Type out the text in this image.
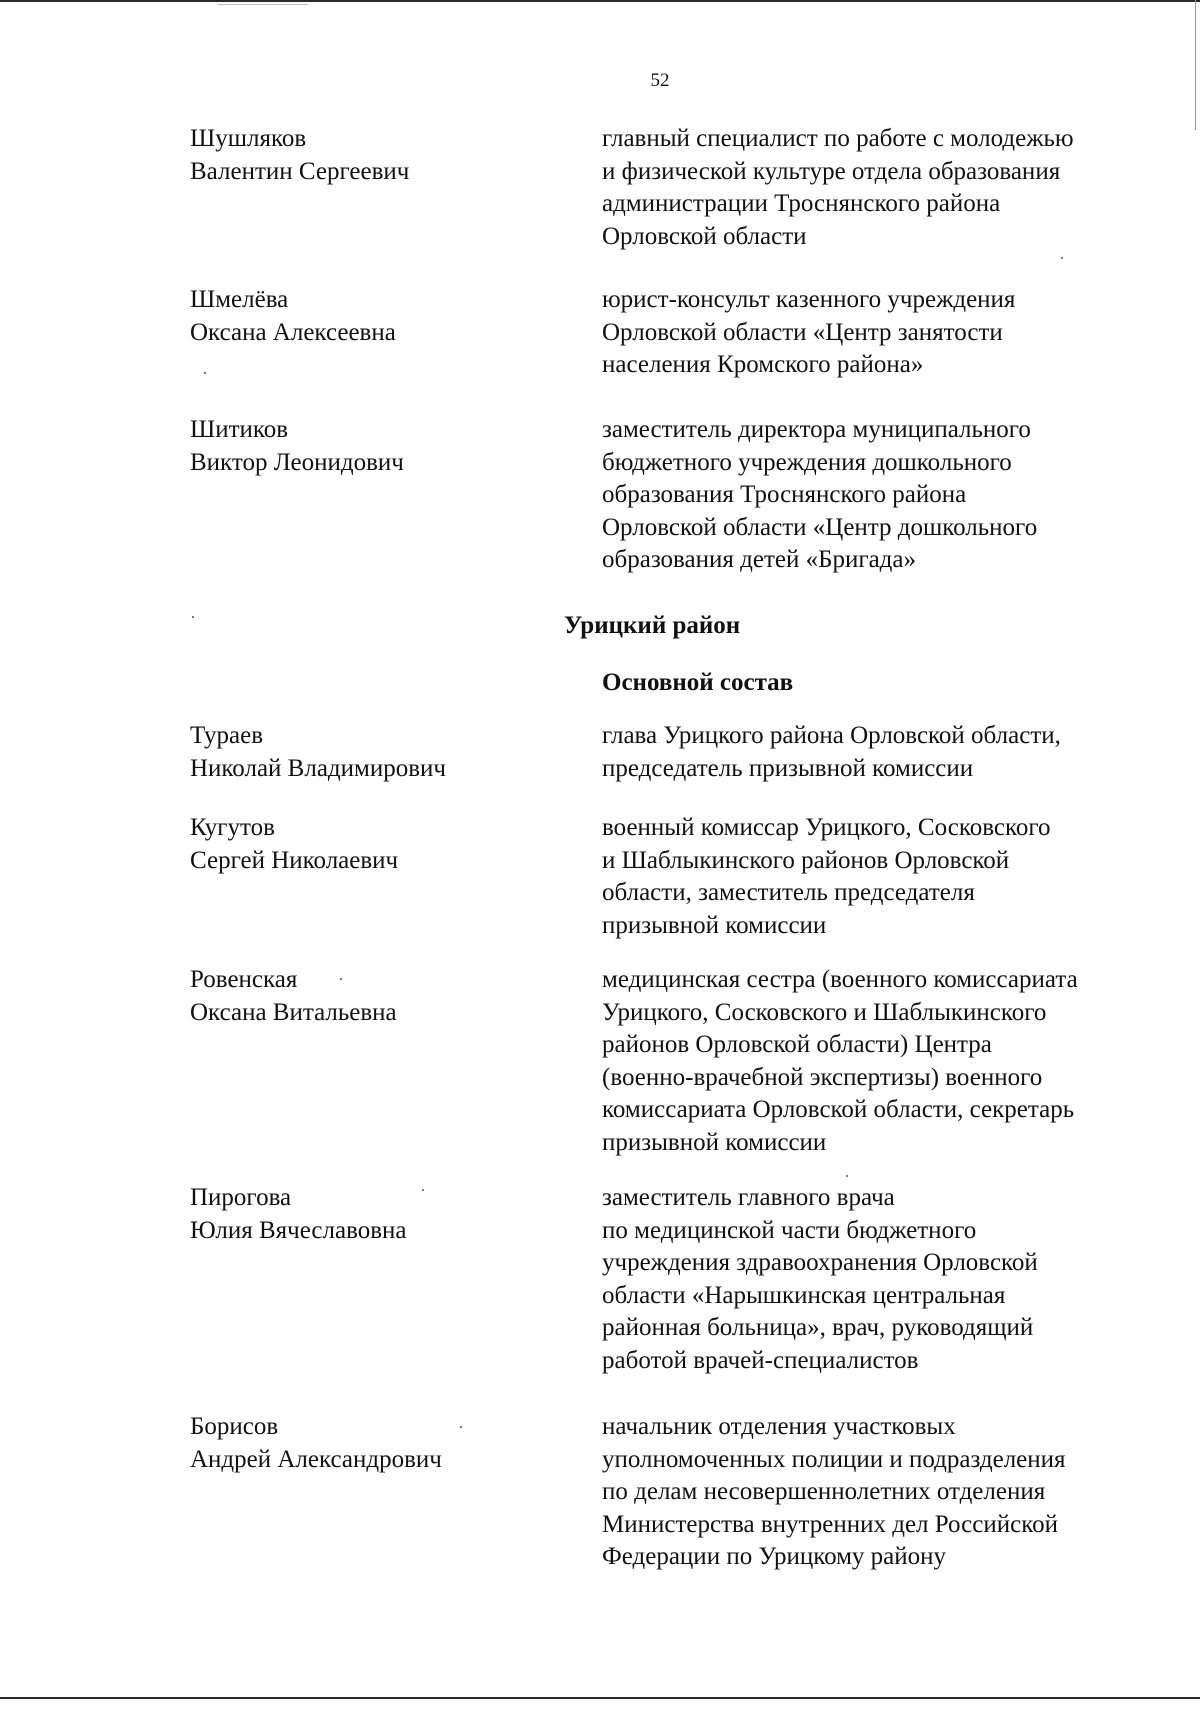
52
Шушляков
Валентин Сергеевич
главный специалист по работе с молодежью
и физической культуре отдела образования
администрации Троснянского района
Орловской области
Шмелёва
Оксана Алексеевна
юрист-консульт казенного учреждения
Орловской области «Центр занятости
населения Кромского района»
Шитиков
Виктор Леонидович
заместитель директора муниципального
бюджетного учреждения дошкольного
образования Троснянского района
Орловской области «Центр дошкольного
образования детей «Бригада»
Урицкий район
Основной состав
Тураев
Николай Владимирович
глава Урицкого района Орловской области,
председатель призывной комиссии
Кугутов
Сергей Николаевич
военный комиссар Урицкого, Сосковского
и Шаблыкинского районов Орловской
области, заместитель председателя
призывной комиссии
Ровенская
Оксана Витальевна
медицинская сестра (военного комиссариата
Урицкого, Сосковского и Шаблыкинского
районов Орловской области) Центра
(военно-врачебной экспертизы) военного
комиссариата Орловской области, секретарь
призывной комиссии
Пирогова
Юлия Вячеславовна
заместитель главного врача
по медицинской части бюджетного
учреждения здравоохранения Орловской
области «Нарышкинская центральная
районная больница», врач, руководящий
работой врачей-специалистов
Борисов
Андрей Александрович
начальник отделения участковых
уполномоченных полиции и подразделения
по делам несовершеннолетних отделения
Министерства внутренних дел Российской
Федерации по Урицкому району
